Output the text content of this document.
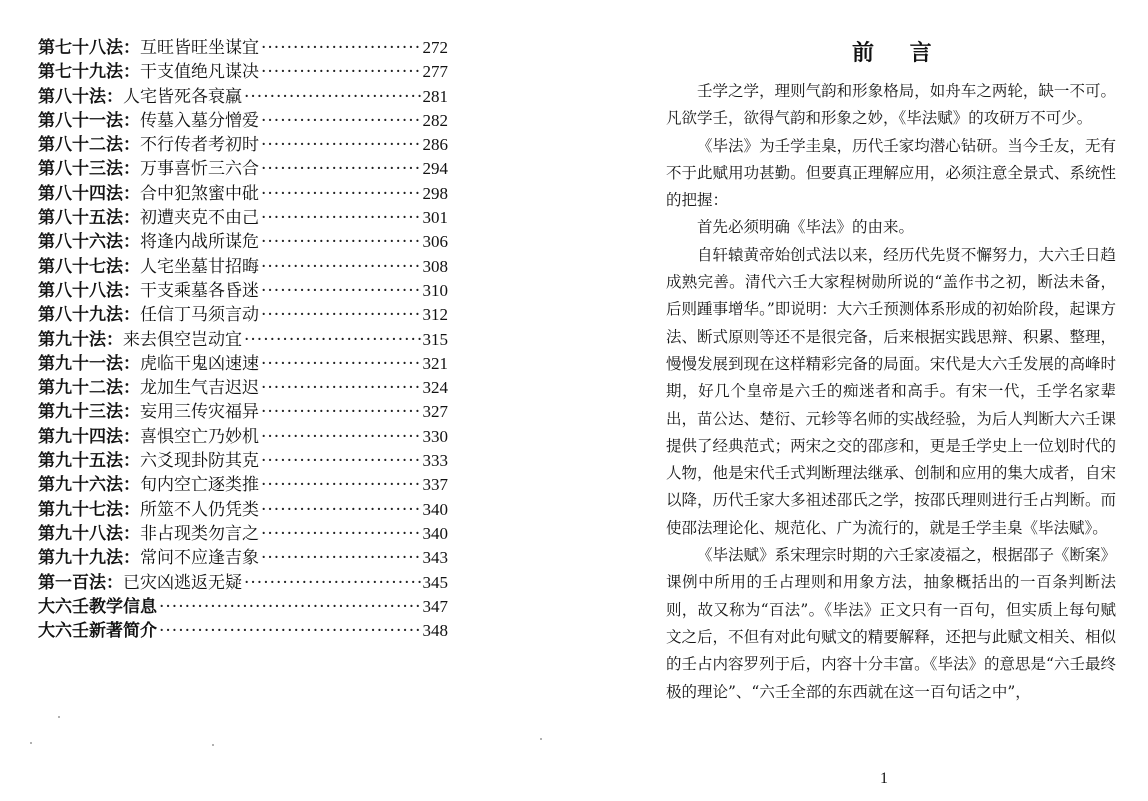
第七十八法： 互旺皆旺坐谋宜 ·····	272
第七十九法： 干支值绝凡谋决 ·····	277
第八十法： 人宅皆死各衰羸 ·····	281
第八十一法： 传墓入墓分憎爱 ·····	282
第八十二法： 不行传者考初时 ·····	286
第八十三法： 万事喜忻三六合 ·····	294
第八十四法： 合中犯煞蜜中砒 ·····	298
第八十五法： 初遭夹克不由己 ·····	301
第八十六法： 将逢内战所谋危 ·····	306
第八十七法： 人宅坐墓甘招晦 ·····	308
第八十八法： 干支乘墓各昏迷 ·····	310
第八十九法： 任信丁马须言动 ·····	312
第九十法： 来去俱空岂动宜 ·····	315
第九十一法： 虎临干鬼凶速速 ·····	321
第九十二法： 龙加生气吉迟迟 ·····	324
第九十三法： 妄用三传灾福异 ·····	327
第九十四法： 喜惧空亡乃妙机 ·····	330
第九十五法： 六爻现卦防其克 ·····	333
第九十六法： 旬内空亡逐类推 ·····	337
第九十七法： 所筮不人仍凭类 ·····	340
第九十八法： 非占现类勿言之 ·····	340
第九十九法： 常问不应逢吉象 ·····	343
第一百法： 已灾凶逃返无疑 ·····	345
大六壬教学信息 ·····	347
大六壬新著简介 ·····	348
前 言

壬学之学，理则气韵和形象格局，如舟车之两轮，缺一不可。凡欲学壬，欲得气韵和形象之妙，《毕法赋》的攻研万不可少。

《毕法》为壬学圭臬，历代壬家均潜心钻研。当今壬友，无有不于此赋用功甚勤。但要真正理解应用，必须注意全景式、系统性的把握：

首先必须明确《毕法》的由来。

自轩辕黄帝始创式法以来，经历代先贤不懈努力，大六壬日趋成熟完善。清代六壬大家程树勋所说的“盖作书之初，断法未备，后则踵事增华。”即说明：大六壬预测体系形成的初始阶段，起课方法、断式原则等还不是很完备，后来根据实践思辩、积累、整理，慢慢发展到现在这样精彩完备的局面。宋代是大六壬发展的高峰时期，好几个皇帝是六壬的痴迷者和高手。有宋一代，壬学名家辈出，苗公达、楚衍、元轸等名师的实战经验，为后人判断大六壬课提供了经典范式；两宋之交的邵彦和，更是壬学史上一位划时代的人物，他是宋代壬式判断理法继承、创制和应用的集大成者，自宋以降，历代壬家大多祖述邵氏之学，按邵氏理则进行壬占判断。而使邵法理论化、规范化、广为流行的，就是壬学圭臬《毕法赋》。

《毕法赋》系宋理宗时期的六壬家凌福之，根据邵子《断案》课例中所用的壬占理则和用象方法，抽象概括出的一百条判断法则，故又称为“百法”。《毕法》正文只有一百句，但实质上每句赋文之后，不但有对此句赋文的精要解释，还把与此赋文相关、相似的壬占内容罗列于后，内容十分丰富。《毕法》的意思是“六壬最终极的理论”、“六壬全部的东西就在这一百句话之中”，

1
